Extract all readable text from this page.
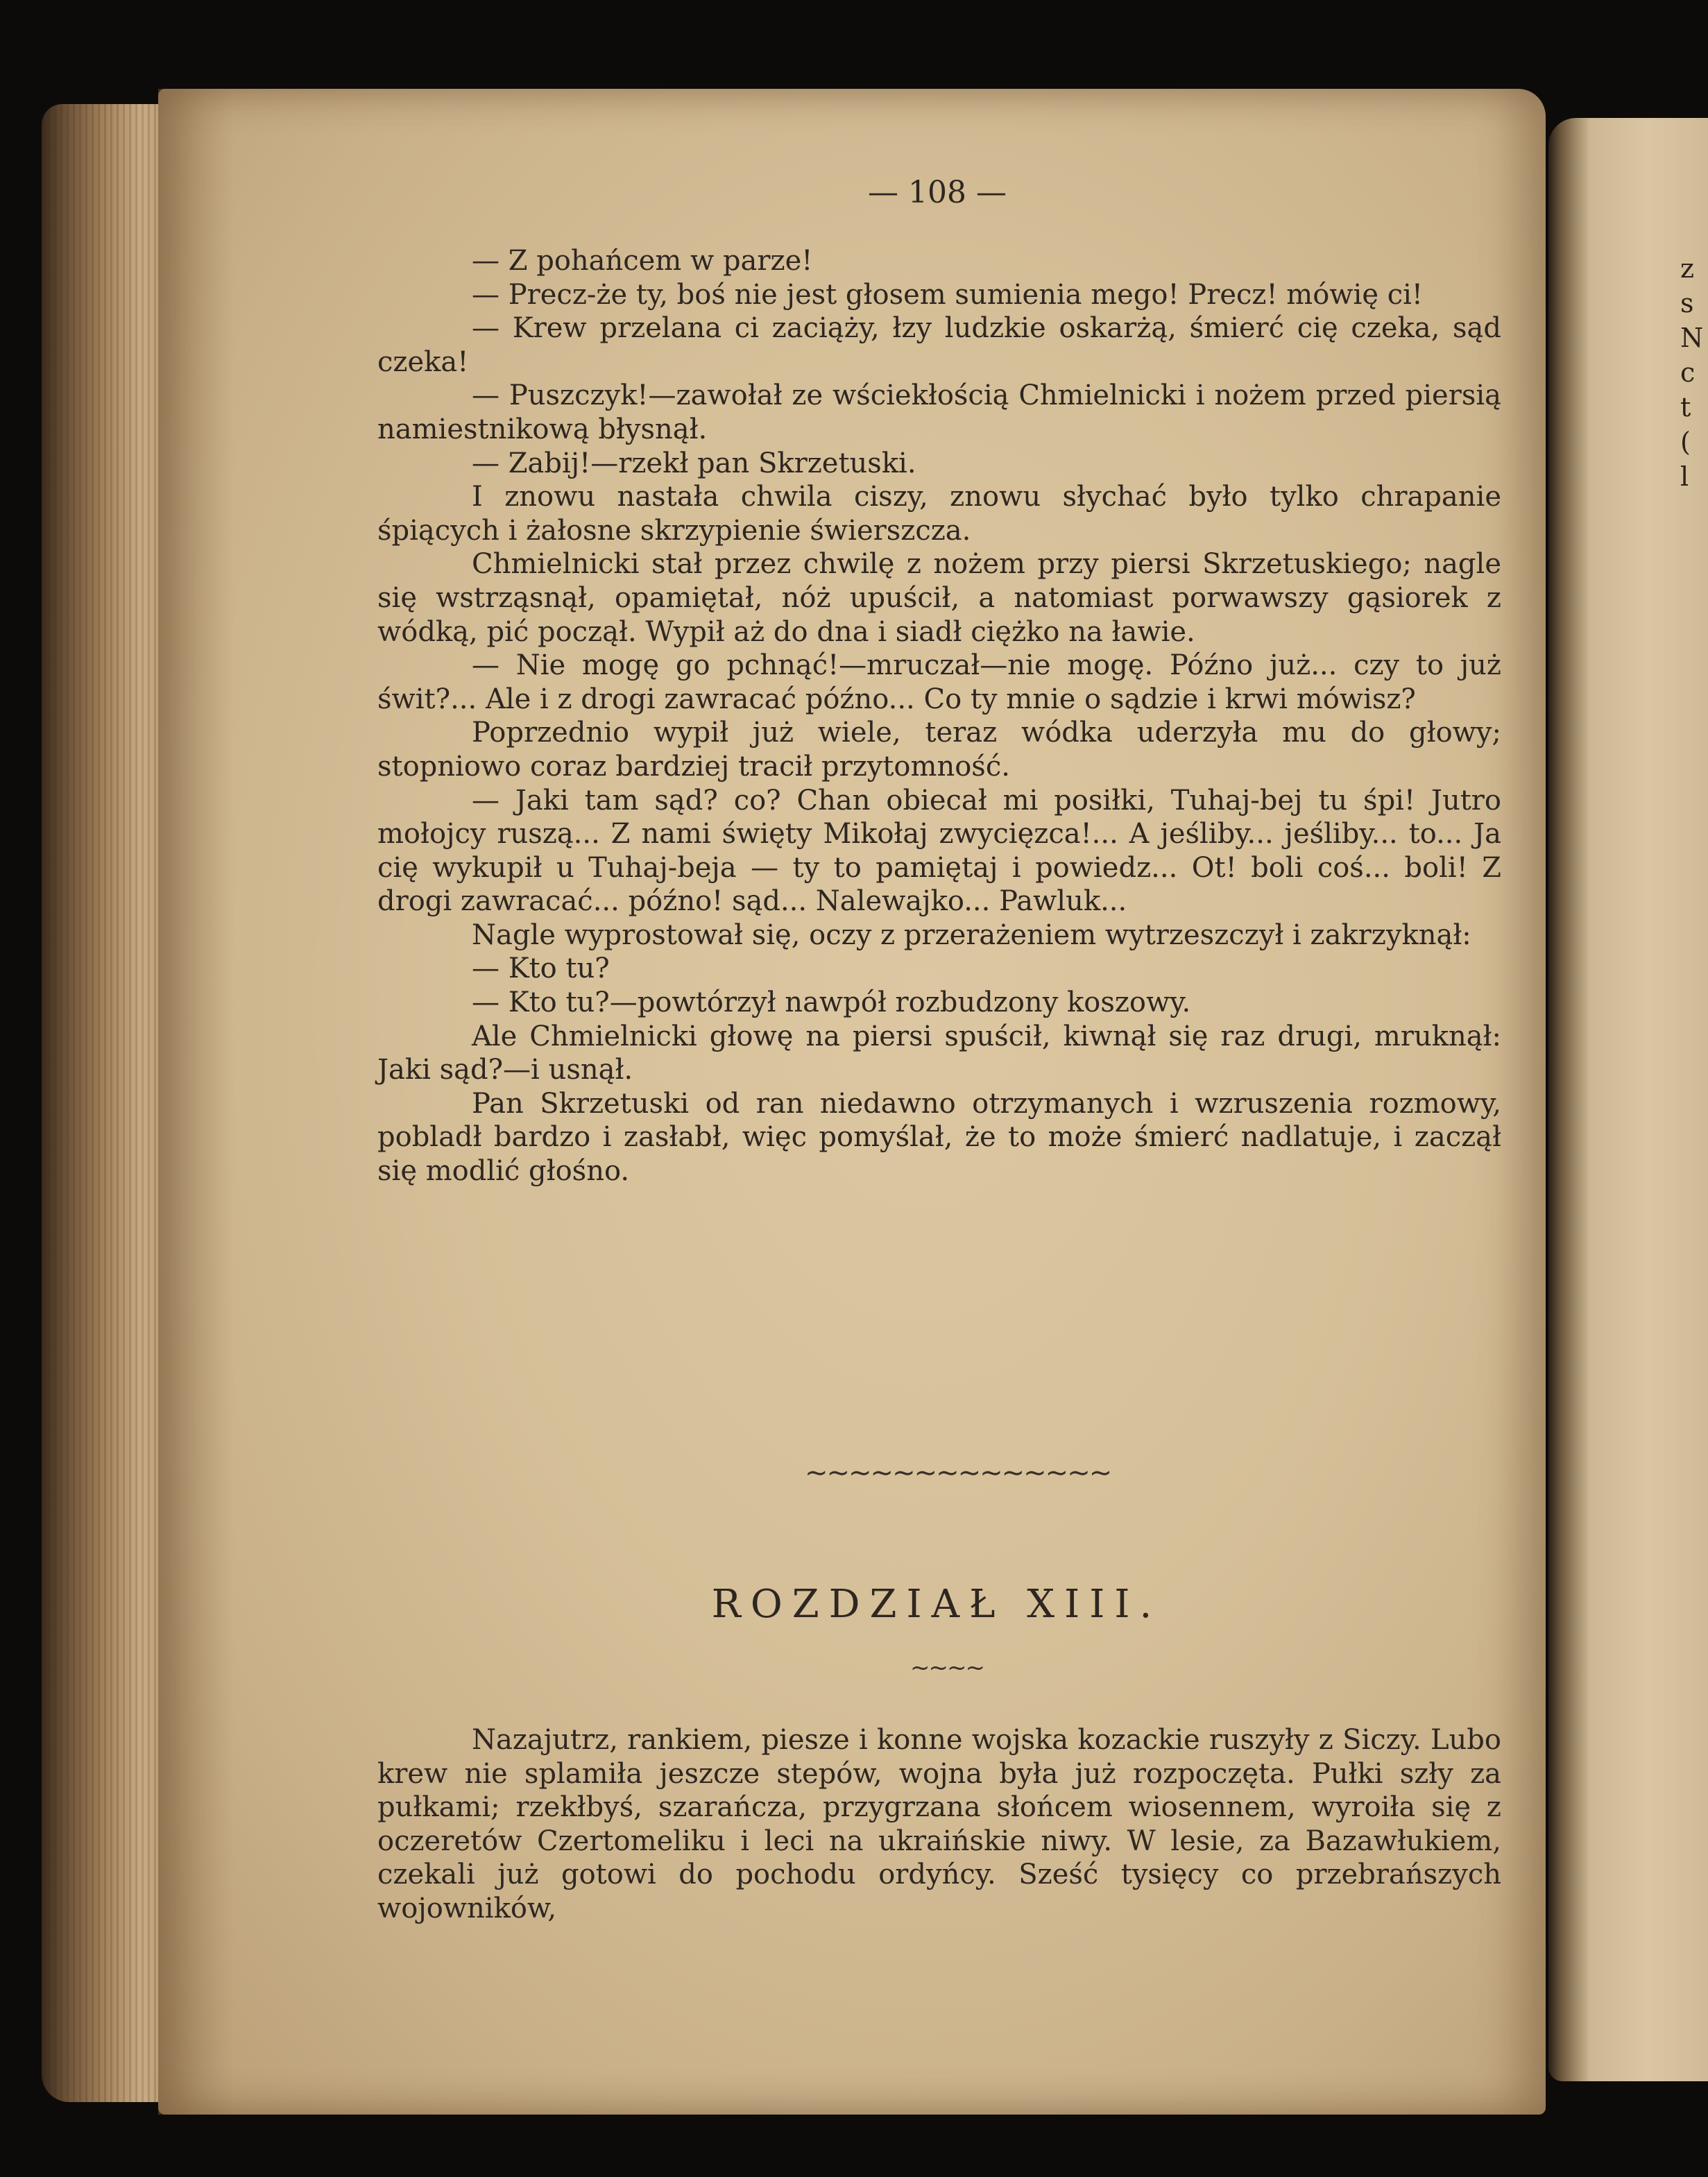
z
s
N
c
t
(
l
— 108 —
— Z pohańcem w parze!
— Precz-że ty, boś nie jest głosem sumienia mego! Precz! mówię ci!
— Krew przelana ci zaciąży, łzy ludzkie oskarżą, śmierć cię czeka, sąd czeka!
— Puszczyk!—zawołał ze wściekłością Chmielnicki i nożem przed piersią namiestnikową błysnął.
— Zabij!—rzekł pan Skrzetuski.
I znowu nastała chwila ciszy, znowu słychać było tylko chrapanie śpiących i żałosne skrzypienie świerszcza.
Chmielnicki stał przez chwilę z nożem przy piersi Skrzetuskiego; nagle się wstrząsnął, opamiętał, nóż upuścił, a natomiast porwawszy gąsiorek z wódką, pić począł. Wypił aż do dna i siadł ciężko na ławie.
— Nie mogę go pchnąć!—mruczał—nie mogę. Późno już... czy to już świt?... Ale i z drogi zawracać późno... Co ty mnie o sądzie i krwi mówisz?
Poprzednio wypił już wiele, teraz wódka uderzyła mu do głowy; stopniowo coraz bardziej tracił przytomność.
— Jaki tam sąd? co? Chan obiecał mi posiłki, Tuhaj-bej tu śpi! Jutro mołojcy ruszą... Z nami święty Mikołaj zwycięzca!... A jeśliby... jeśliby... to... Ja cię wykupił u Tuhaj-beja — ty to pamiętaj i powiedz... Ot! boli coś... boli! Z drogi zawracać... późno! sąd... Nalewajko... Pawluk...
Nagle wyprostował się, oczy z przerażeniem wytrzeszczył i zakrzyknął:
— Kto tu?
— Kto tu?—powtórzył nawpół rozbudzony koszowy.
Ale Chmielnicki głowę na piersi spuścił, kiwnął się raz drugi, mruknął: Jaki sąd?—i usnął.
Pan Skrzetuski od ran niedawno otrzymanych i wzruszenia rozmowy, pobladł bardzo i zasłabł, więc pomyślał, że to może śmierć nadlatuje, i zaczął się modlić głośno.
~~~~~~~~~~~~~~
ROZDZIAŁ XIII.
~~~~
Nazajutrz, rankiem, piesze i konne wojska kozackie ruszyły z Siczy. Lubo krew nie splamiła jeszcze stepów, wojna była już rozpoczęta. Pułki szły za pułkami; rzekłbyś, szarańcza, przygrzana słońcem wiosennem, wyroiła się z oczeretów Czertomeliku i leci na ukraińskie niwy. W lesie, za Bazawłukiem, czekali już gotowi do pochodu ordyńcy. Sześć tysięcy co przebrańszych wojowników,
